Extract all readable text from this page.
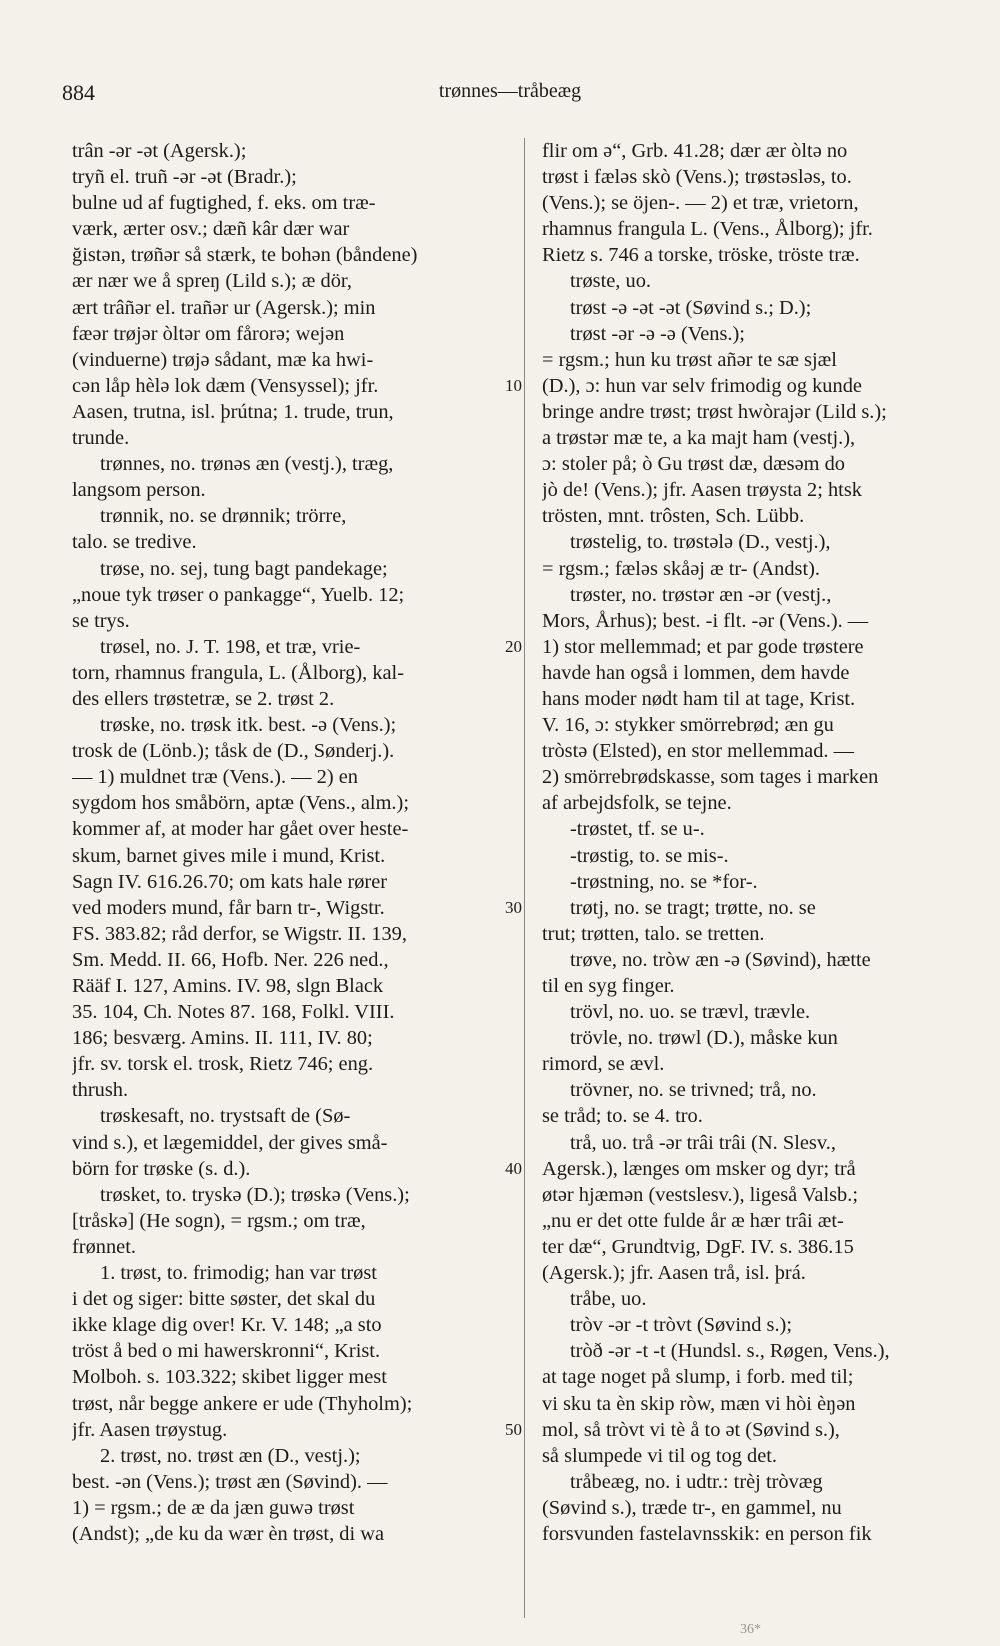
884	trønnes—tråbeæg
trân -ər -ət (Agersk.);
tryñ el. truñ -ər -ət (Bradr.);
bulne ud af fugtighed, f. eks. om træ-
værk, ærter osv.; dæñ kâr dær war
ğistən, trøñər så stærk, te bohən (båndene)
ær nær we å spreŋ (Lild s.); æ dör,
ært trâñər el. trañər ur (Agersk.); min
fæər trøjər òltər om fårorə; wejən
(vinduerne) trøjə sådant, mæ ka hwi-
cən låp hèlə lok dæm (Vensyssel); jfr.
Aasen, trutna, isl. þrútna; 1. trude, trun,
trunde.
trønnes, no. trønəs æn (vestj.), træg,
langsom person.
trønnik, no. se drønnik; trörre,
talo. se tredive.
trøse, no. sej, tung bagt pandekage;
„noue tyk trøser o pankagge“, Yuelb. 12;
se trys.
trøsel, no. J. T. 198, et træ, vrie-
torn, rhamnus frangula, L. (Ålborg), kal-
des ellers trøstetræ, se 2. trøst 2.
trøske, no. trøsk itk. best. -ə (Vens.);
trosk de (Lönb.); tåsk de (D., Sønderj.).
— 1) muldnet træ (Vens.). — 2) en
sygdom hos småbörn, aptæ (Vens., alm.);
kommer af, at moder har gået over heste-
skum, barnet gives mile i mund, Krist.
Sagn IV. 616.26.70; om kats hale rører
ved moders mund, får barn tr-, Wigstr.
FS. 383.82; råd derfor, se Wigstr. II. 139,
Sm. Medd. II. 66, Hofb. Ner. 226 ned.,
Rääf I. 127, Amins. IV. 98, slgn Black
35. 104, Ch. Notes 87. 168, Folkl. VIII.
186; besværg. Amins. II. 111, IV. 80;
jfr. sv. torsk el. trosk, Rietz 746; eng.
thrush.
trøskesaft, no. trystsaft de (Sø-
vind s.), et lægemiddel, der gives små-
börn for trøske (s. d.).
trøsket, to. tryskə (D.); trøskə (Vens.);
[tråskə] (He sogn), = rgsm.; om træ,
frønnet.
1. trøst, to. frimodig; han var trøst
i det og siger: bitte søster, det skal du
ikke klage dig over! Kr. V. 148; „a sto
tröst å bed o mi hawerskronni“, Krist.
Molboh. s. 103.322; skibet ligger mest
trøst, når begge ankere er ude (Thyholm);
jfr. Aasen trøystug.
2. trøst, no. trøst æn (D., vestj.);
best. -ən (Vens.); trøst æn (Søvind). —
1) = rgsm.; de æ da jæn guwə trøst
(Andst); „de ku da wær èn trøst, di wa
10
20
30
40
50
flir om ə“, Grb. 41.28; dær ær òltə no
trøst i fæləs skò (Vens.); trøstəsləs, to.
(Vens.); se öjen-. — 2) et træ, vrietorn,
rhamnus frangula L. (Vens., Ålborg); jfr.
Rietz s. 746 a torske, tröske, tröste træ.
trøste, uo.
trøst -ə -ət -ət (Søvind s.; D.);
trøst -ər -ə -ə (Vens.);
= rgsm.; hun ku trøst añər te sæ sjæl
(D.), ɔ: hun var selv frimodig og kunde
bringe andre trøst; trøst hwòrajər (Lild s.);
a trøstər mæ te, a ka majt ham (vestj.),
ɔ: stoler på; ò Gu trøst dæ, dæsəm do
jò de! (Vens.); jfr. Aasen trøysta 2; htsk
trösten, mnt. trôsten, Sch. Lübb.
trøstelig, to. trøstələ (D., vestj.),
= rgsm.; fæləs skåəj æ tr- (Andst).
trøster, no. trøstər æn -ər (vestj.,
Mors, Århus); best. -i flt. -ər (Vens.). —
1) stor mellemmad; et par gode trøstere
havde han også i lommen, dem havde
hans moder nødt ham til at tage, Krist.
V. 16, ɔ: stykker smörrebrød; æn gu
tròstə (Elsted), en stor mellemmad. —
2) smörrebrødskasse, som tages i marken
af arbejdsfolk, se tejne.
-trøstet, tf. se u-.
-trøstig, to. se mis-.
-trøstning, no. se *for-.
trøtj, no. se tragt; trøtte, no. se
trut; trøtten, talo. se tretten.
trøve, no. tròw æn -ə (Søvind), hætte
til en syg finger.
trövl, no. uo. se trævl, trævle.
trövle, no. trøwl (D.), måske kun
rimord, se ævl.
trövner, no. se trivned; trå, no.
se tråd; to. se 4. tro.
trå, uo. trå -ər trâi trâi (N. Slesv.,
Agersk.), længes om msker og dyr; trå
øtər hjæmən (vestslesv.), ligeså Valsb.;
„nu er det otte fulde år æ hær trâi æt-
ter dæ“, Grundtvig, DgF. IV. s. 386.15
(Agersk.); jfr. Aasen trå, isl. þrá.
tråbe, uo.
tròv -ər -t tròvt (Søvind s.);
tròð -ər -t -t (Hundsl. s., Røgen, Vens.),
at tage noget på slump, i forb. med til;
vi sku ta èn skip ròw, mæn vi hòi èŋən
mol, så tròvt vi tè å to ət (Søvind s.),
så slumpede vi til og tog det.
tråbeæg, no. i udtr.: trèj tròvæg
(Søvind s.), træde tr-, en gammel, nu
forsvunden fastelavnsskik: en person fik
36*
